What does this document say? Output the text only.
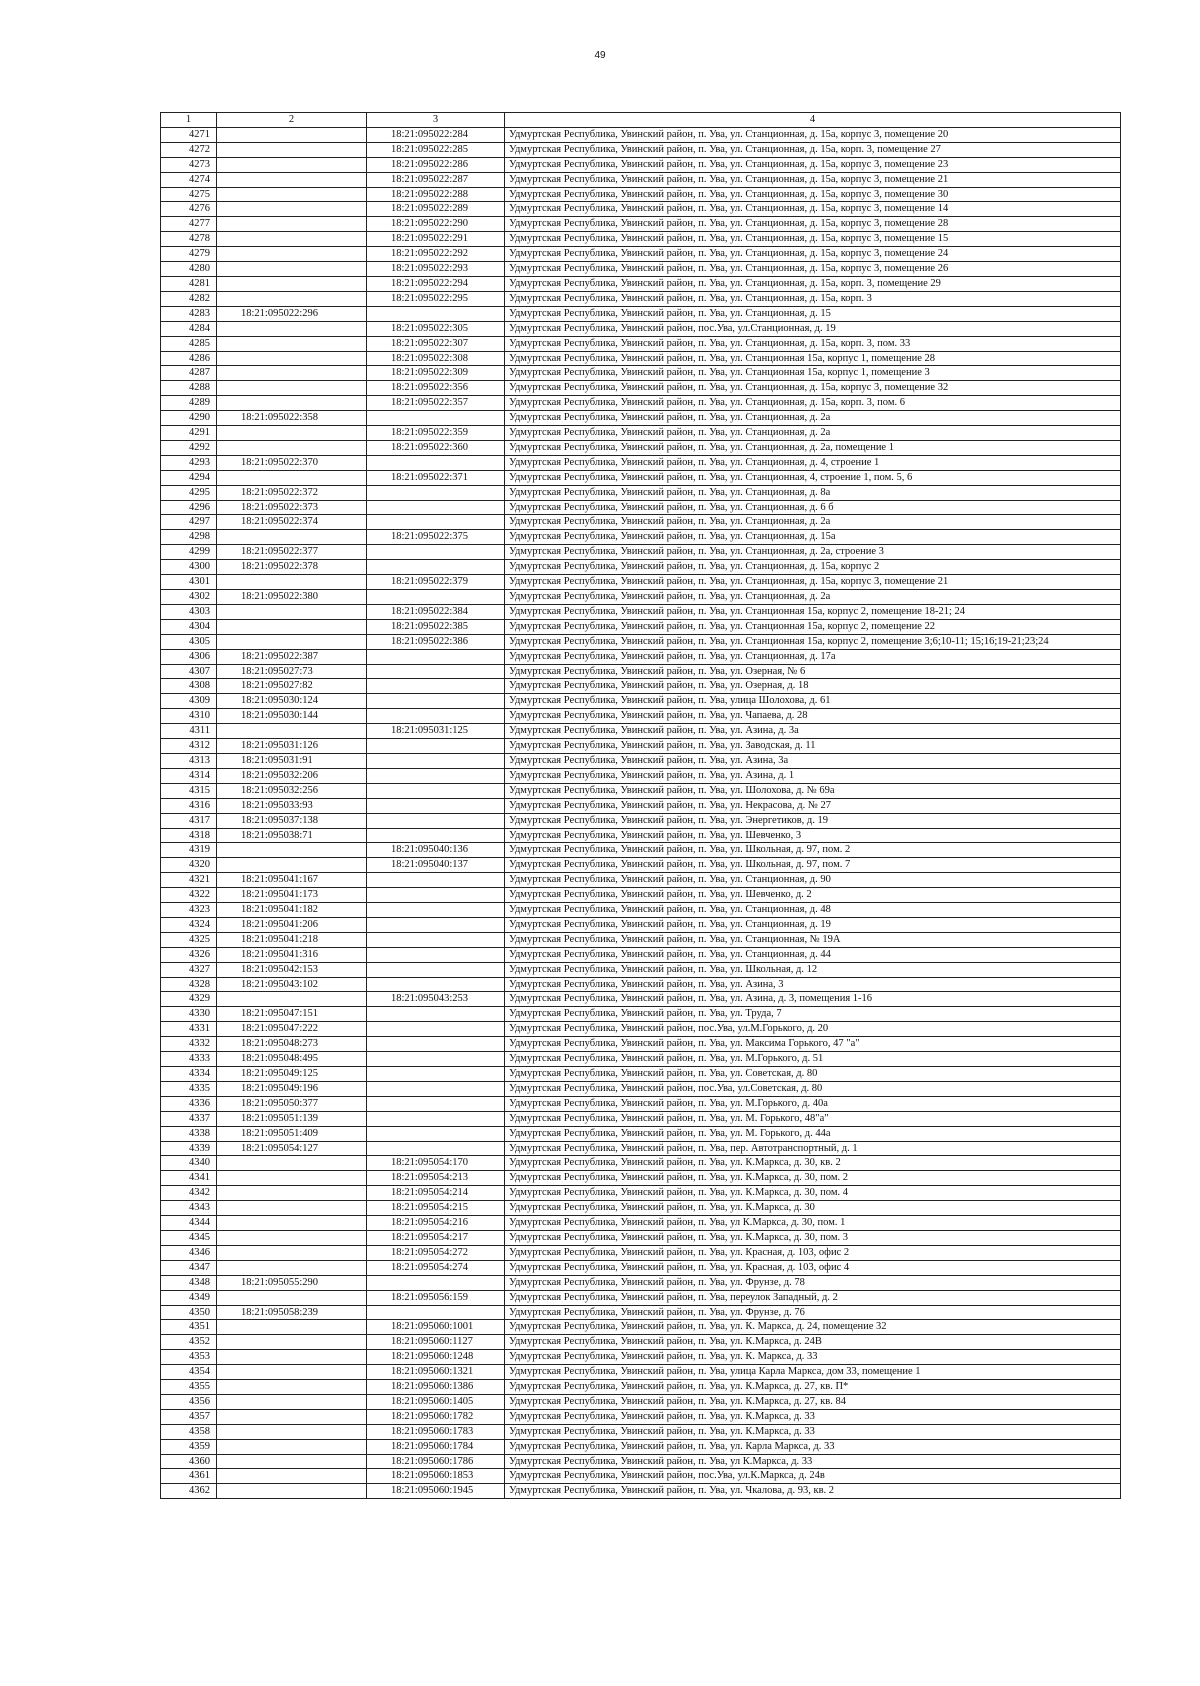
49
1	2	3	4
4271		18:21:095022:284	Удмуртская Республика, Увинский район, п. Ува, ул. Станционная, д. 15а, корпус 3, помещение 20
4272		18:21:095022:285	Удмуртская Республика, Увинский район, п. Ува, ул. Станционная, д. 15а, корп. 3, помещение 27
4273		18:21:095022:286	Удмуртская Республика, Увинский район, п. Ува, ул. Станционная, д. 15а, корпус 3, помещение 23
4274		18:21:095022:287	Удмуртская Республика, Увинский район, п. Ува, ул. Станционная, д. 15а, корпус 3, помещение 21
4275		18:21:095022:288	Удмуртская Республика, Увинский район, п. Ува, ул. Станционная, д. 15а, корпус 3, помещение 30
4276		18:21:095022:289	Удмуртская Республика, Увинский район, п. Ува, ул. Станционная, д. 15а, корпус 3, помещение 14
4277		18:21:095022:290	Удмуртская Республика, Увинский район, п. Ува, ул. Станционная, д. 15а, корпус 3, помещение 28
4278		18:21:095022:291	Удмуртская Республика, Увинский район, п. Ува, ул. Станционная, д. 15а, корпус 3, помещение 15
4279		18:21:095022:292	Удмуртская Республика, Увинский район, п. Ува, ул. Станционная, д. 15а, корпус 3, помещение 24
4280		18:21:095022:293	Удмуртская Республика, Увинский район, п. Ува, ул. Станционная, д. 15а, корпус 3, помещение 26
4281		18:21:095022:294	Удмуртская Республика, Увинский район, п. Ува, ул. Станционная, д. 15а, корп. 3, помещение 29
4282		18:21:095022:295	Удмуртская Республика, Увинский район, п. Ува, ул. Станционная, д. 15а, корп. 3
4283	18:21:095022:296		Удмуртская Республика, Увинский район, п. Ува, ул. Станционная, д. 15
4284		18:21:095022:305	Удмуртская Республика, Увинский район, пос.Ува, ул.Станционная, д. 19
4285		18:21:095022:307	Удмуртская Республика, Увинский район, п. Ува, ул. Станционная, д. 15а, корп. 3, пом. 33
4286		18:21:095022:308	Удмуртская Республика, Увинский район, п. Ува, ул. Станционная 15а, корпус 1, помещение 28
4287		18:21:095022:309	Удмуртская Республика, Увинский район, п. Ува, ул. Станционная 15а, корпус 1, помещение 3
4288		18:21:095022:356	Удмуртская Республика, Увинский район, п. Ува, ул. Станционная, д. 15а, корпус 3, помещение 32
4289		18:21:095022:357	Удмуртская Республика, Увинский район, п. Ува, ул. Станционная, д. 15а, корп. 3, пом. 6
4290	18:21:095022:358		Удмуртская Республика, Увинский район, п. Ува, ул. Станционная, д. 2а
4291		18:21:095022:359	Удмуртская Республика, Увинский район, п. Ува, ул. Станционная, д. 2а
4292		18:21:095022:360	Удмуртская Республика, Увинский район, п. Ува, ул. Станционная, д. 2а, помещение 1
4293	18:21:095022:370		Удмуртская Республика, Увинский район, п. Ува, ул. Станционная, д. 4, строение 1
4294		18:21:095022:371	Удмуртская Республика, Увинский район, п. Ува, ул. Станционная, 4, строение 1, пом. 5, 6
4295	18:21:095022:372		Удмуртская Республика, Увинский район, п. Ува, ул. Станционная, д. 8а
4296	18:21:095022:373		Удмуртская Республика, Увинский район, п. Ува, ул. Станционная, д. 6 б
4297	18:21:095022:374		Удмуртская Республика, Увинский район, п. Ува, ул. Станционная, д. 2а
4298		18:21:095022:375	Удмуртская Республика, Увинский район, п. Ува, ул. Станционная, д. 15а
4299	18:21:095022:377		Удмуртская Республика, Увинский район, п. Ува, ул. Станционная, д. 2а, строение 3
4300	18:21:095022:378		Удмуртская Республика, Увинский район, п. Ува, ул. Станционная, д. 15а, корпус 2
4301		18:21:095022:379	Удмуртская Республика, Увинский район, п. Ува, ул. Станционная, д. 15а, корпус 3, помещение 21
4302	18:21:095022:380		Удмуртская Республика, Увинский район, п. Ува, ул. Станционная, д. 2а
4303		18:21:095022:384	Удмуртская Республика, Увинский район, п. Ува, ул. Станционная 15а, корпус 2, помещение 18-21; 24
4304		18:21:095022:385	Удмуртская Республика, Увинский район, п. Ува, ул. Станционная 15а, корпус 2, помещение 22
4305		18:21:095022:386	Удмуртская Республика, Увинский район, п. Ува, ул. Станционная 15а, корпус 2, помещение 3;6;10-11; 15;16;19-21;23;24
4306	18:21:095022:387		Удмуртская Республика, Увинский район, п. Ува, ул. Станционная, д. 17а
4307	18:21:095027:73		Удмуртская Республика, Увинский район, п. Ува, ул. Озерная, № 6
4308	18:21:095027:82		Удмуртская Республика, Увинский район, п. Ува, ул. Озерная, д. 18
4309	18:21:095030:124		Удмуртская Республика, Увинский район, п. Ува, улица Шолохова, д. 61
4310	18:21:095030:144		Удмуртская Республика, Увинский район, п. Ува, ул. Чапаева, д. 28
4311		18:21:095031:125	Удмуртская Республика, Увинский район, п. Ува, ул. Азина, д. 3а
4312	18:21:095031:126		Удмуртская Республика, Увинский район, п. Ува, ул. Заводская, д. 11
4313	18:21:095031:91		Удмуртская Республика, Увинский район, п. Ува, ул. Азина, 3а
4314	18:21:095032:206		Удмуртская Республика, Увинский район, п. Ува, ул. Азина, д. 1
4315	18:21:095032:256		Удмуртская Республика, Увинский район, п. Ува, ул. Шолохова, д. № 69а
4316	18:21:095033:93		Удмуртская Республика, Увинский район, п. Ува, ул. Некрасова, д. № 27
4317	18:21:095037:138		Удмуртская Республика, Увинский район, п. Ува, ул. Энергетиков, д. 19
4318	18:21:095038:71		Удмуртская Республика, Увинский район, п. Ува, ул. Шевченко, 3
4319		18:21:095040:136	Удмуртская Республика, Увинский район, п. Ува, ул. Школьная, д. 97, пом. 2
4320		18:21:095040:137	Удмуртская Республика, Увинский район, п. Ува, ул. Школьная, д. 97, пом. 7
4321	18:21:095041:167		Удмуртская Республика, Увинский район, п. Ува, ул. Станционная, д. 90
4322	18:21:095041:173		Удмуртская Республика, Увинский район, п. Ува, ул. Шевченко, д. 2
4323	18:21:095041:182		Удмуртская Республика, Увинский район, п. Ува, ул. Станционная, д. 48
4324	18:21:095041:206		Удмуртская Республика, Увинский район, п. Ува, ул. Станционная, д. 19
4325	18:21:095041:218		Удмуртская Республика, Увинский район, п. Ува, ул. Станционная, № 19А
4326	18:21:095041:316		Удмуртская Республика, Увинский район, п. Ува, ул. Станционная, д. 44
4327	18:21:095042:153		Удмуртская Республика, Увинский район, п. Ува, ул. Школьная, д. 12
4328	18:21:095043:102		Удмуртская Республика, Увинский район, п. Ува, ул. Азина, 3
4329		18:21:095043:253	Удмуртская Республика, Увинский район, п. Ува, ул. Азина, д. 3, помещения 1-16
4330	18:21:095047:151		Удмуртская Республика, Увинский район, п. Ува, ул. Труда, 7
4331	18:21:095047:222		Удмуртская Республика, Увинский район, пос.Ува, ул.М.Горького, д. 20
4332	18:21:095048:273		Удмуртская Республика, Увинский район, п. Ува, ул. Максима Горького, 47 "а"
4333	18:21:095048:495		Удмуртская Республика, Увинский район, п. Ува, ул. М.Горького, д. 51
4334	18:21:095049:125		Удмуртская Республика, Увинский район, п. Ува, ул. Советская, д. 80
4335	18:21:095049:196		Удмуртская Республика, Увинский район, пос.Ува, ул.Советская, д. 80
4336	18:21:095050:377		Удмуртская Республика, Увинский район, п. Ува, ул. М.Горького, д. 40а
4337	18:21:095051:139		Удмуртская Республика, Увинский район, п. Ува, ул. М. Горького, 48"а"
4338	18:21:095051:409		Удмуртская Республика, Увинский район, п. Ува, ул. М. Горького, д. 44а
4339	18:21:095054:127		Удмуртская Республика, Увинский район, п. Ува, пер. Автотранспортный, д. 1
4340		18:21:095054:170	Удмуртская Республика, Увинский район, п. Ува, ул. К.Маркса, д. 30, кв. 2
4341		18:21:095054:213	Удмуртская Республика, Увинский район, п. Ува, ул. К.Маркса, д. 30, пом. 2
4342		18:21:095054:214	Удмуртская Республика, Увинский район, п. Ува, ул. К.Маркса, д. 30, пом. 4
4343		18:21:095054:215	Удмуртская Республика, Увинский район, п. Ува, ул. К.Маркса, д. 30
4344		18:21:095054:216	Удмуртская Республика, Увинский район, п. Ува, ул К.Маркса, д. 30, пом. 1
4345		18:21:095054:217	Удмуртская Республика, Увинский район, п. Ува, ул. К.Маркса, д. 30, пом. 3
4346		18:21:095054:272	Удмуртская Республика, Увинский район, п. Ува, ул. Красная, д. 103, офис 2
4347		18:21:095054:274	Удмуртская Республика, Увинский район, п. Ува, ул. Красная, д. 103, офис 4
4348	18:21:095055:290		Удмуртская Республика, Увинский район, п. Ува, ул. Фрунзе, д. 78
4349		18:21:095056:159	Удмуртская Республика, Увинский район, п. Ува, переулок Западный, д. 2
4350	18:21:095058:239		Удмуртская Республика, Увинский район, п. Ува, ул. Фрунзе, д. 76
4351		18:21:095060:1001	Удмуртская Республика, Увинский район, п. Ува, ул. К. Маркса, д. 24, помещение 32
4352		18:21:095060:1127	Удмуртская Республика, Увинский район, п. Ува, ул. К.Маркса, д. 24В
4353		18:21:095060:1248	Удмуртская Республика, Увинский район, п. Ува, ул. К. Маркса, д. 33
4354		18:21:095060:1321	Удмуртская Республика, Увинский район, п. Ува, улица Карла Маркса, дом 33, помещение 1
4355		18:21:095060:1386	Удмуртская Республика, Увинский район, п. Ува, ул. К.Маркса, д. 27, кв. П*
4356		18:21:095060:1405	Удмуртская Республика, Увинский район, п. Ува, ул. К.Маркса, д. 27, кв. 84
4357		18:21:095060:1782	Удмуртская Республика, Увинский район, п. Ува, ул. К.Маркса, д. 33
4358		18:21:095060:1783	Удмуртская Республика, Увинский район, п. Ува, ул. К.Маркса, д. 33
4359		18:21:095060:1784	Удмуртская Республика, Увинский район, п. Ува, ул. Карла Маркса, д. 33
4360		18:21:095060:1786	Удмуртская Республика, Увинский район, п. Ува, ул К.Маркса, д. 33
4361		18:21:095060:1853	Удмуртская Республика, Увинский район, пос.Ува, ул.К.Маркса, д. 24в
4362		18:21:095060:1945	Удмуртская Республика, Увинский район, п. Ува, ул. Чкалова, д. 93, кв. 2
